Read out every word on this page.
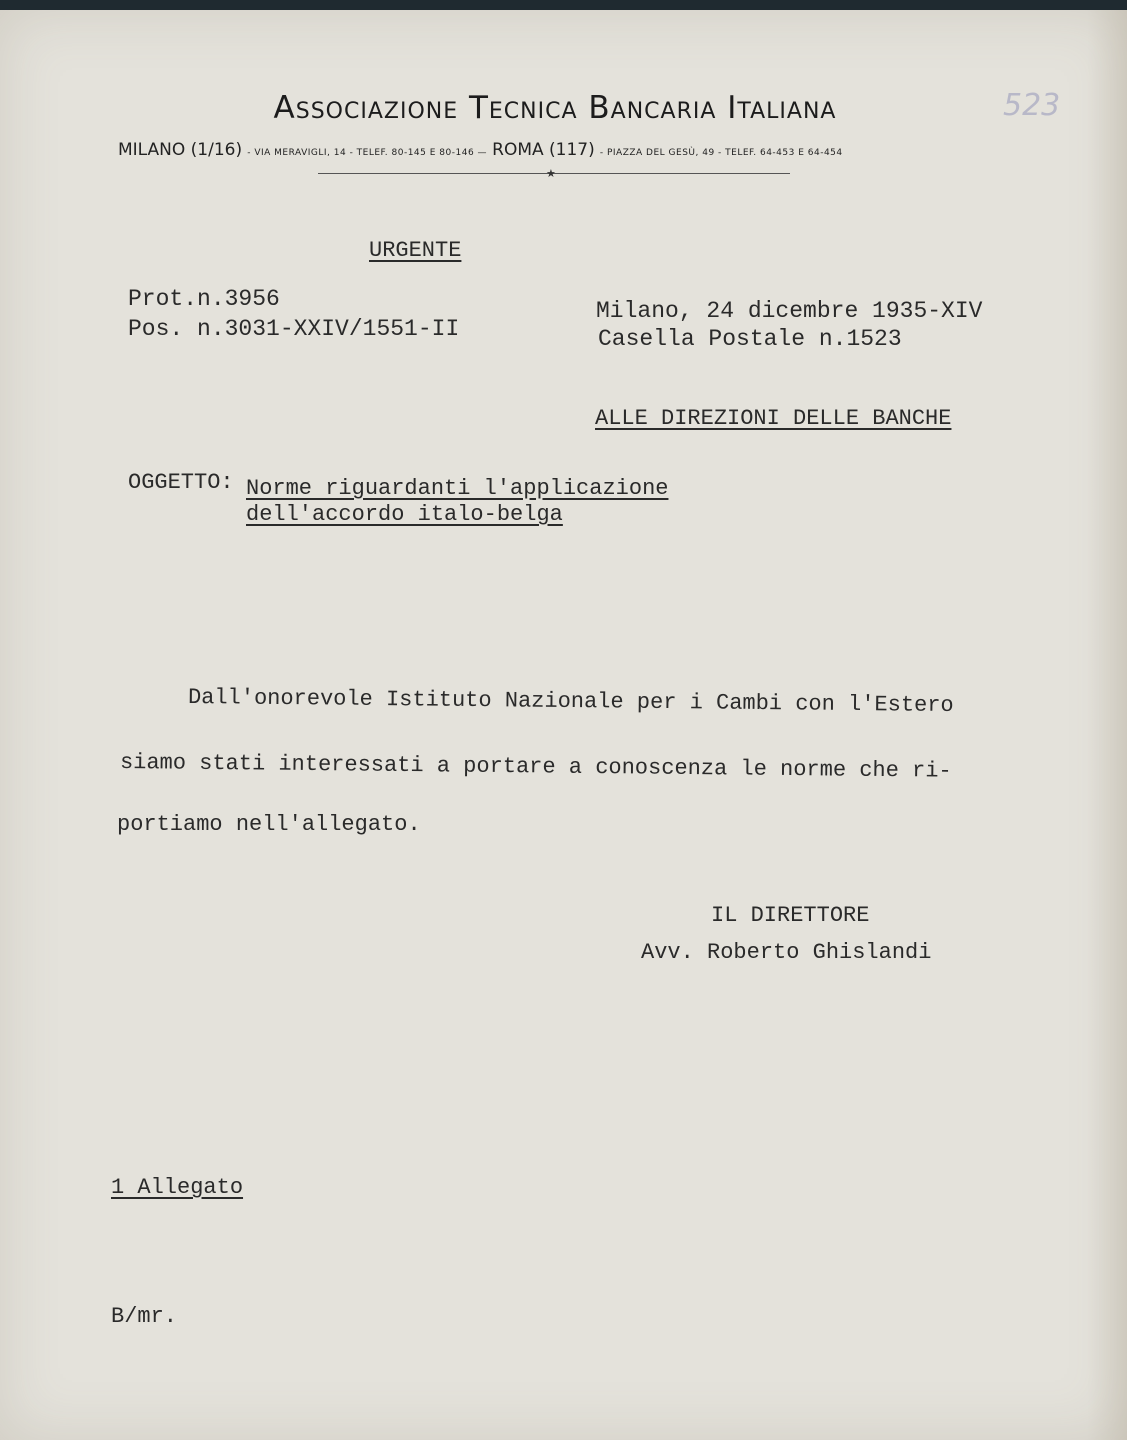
Associazione Tecnica Bancaria Italiana
MILANO (1/16) - VIA MERAVIGLI, 14 - TELEF. 80-145 E 80-146 — ROMA (117) - PIAZZA DEL GESÙ, 49 - TELEF. 64-453 E 64-454
★
523
URGENTE
Prot.n.3956
Pos. n.3031-XXIV/1551-II
Milano, 24 dicembre 1935-XIV
Casella Postale n.1523
ALLE DIREZIONI DELLE BANCHE
OGGETTO: Norme riguardanti l'applicazione
dell'accordo italo-belga
Dall'onorevole Istituto Nazionale per i Cambi con l'Estero
siamo stati interessati a portare a conoscenza le norme che ri-
portiamo nell'allegato.
IL DIRETTORE
Avv. Roberto Ghislandi
1 Allegato
B/mr.
